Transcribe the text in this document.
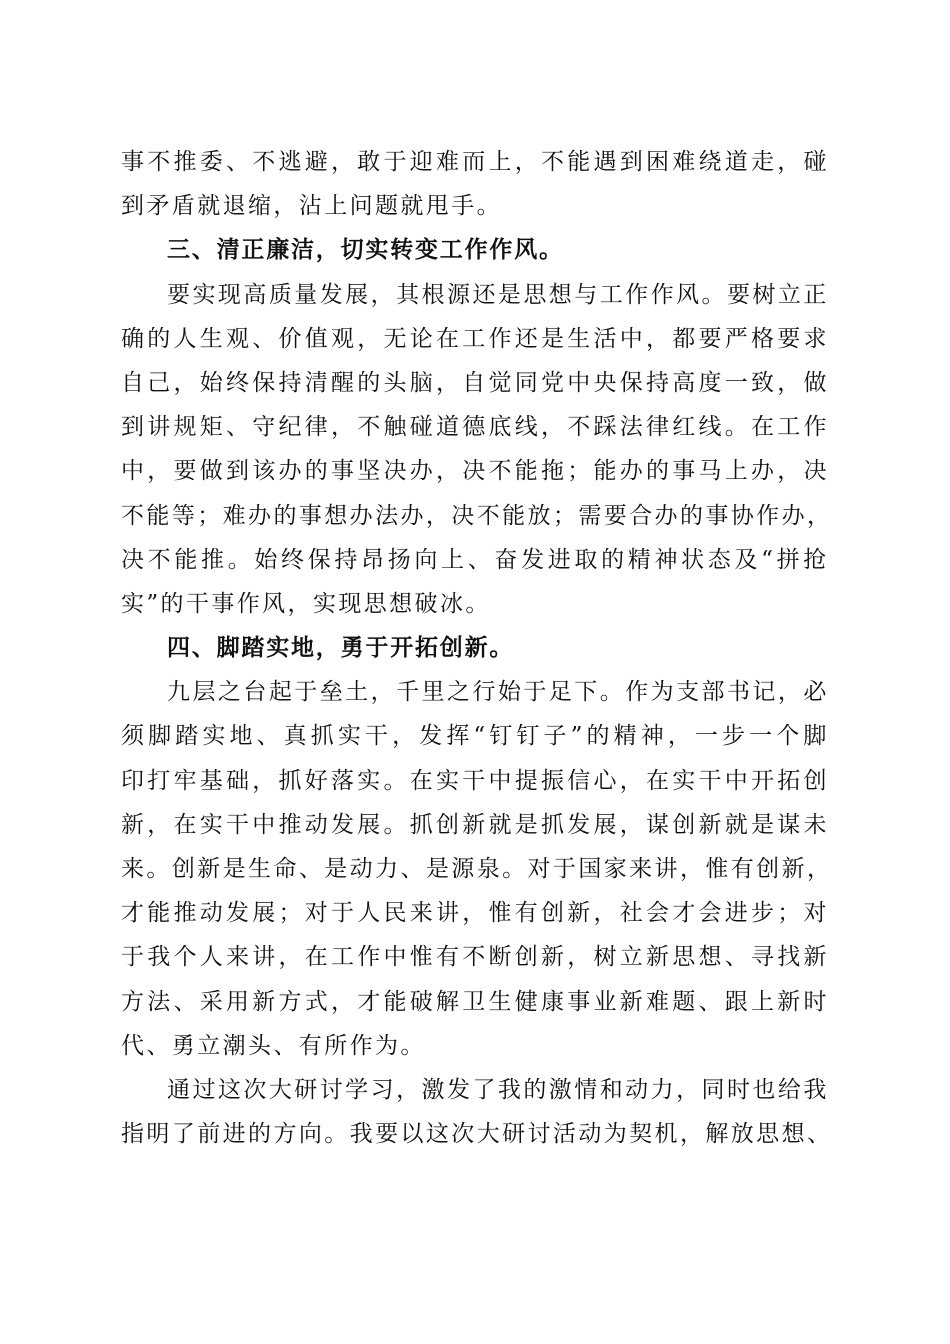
事 不 推 委 、 不 逃 避 ， 敢 于 迎 难 而 上 ， 不 能 遇 到 困 难 绕 道 走 ， 碰
到矛盾就退缩，沾上问题就甩手。
三、清正廉洁，切实转变工作作风。
要 实 现 高 质 量 发 展 ， 其 根 源 还 是 思 想 与 工 作 作 风 。 要 树 立 正
确 的 人 生 观 、 价 值 观 ， 无 论 在 工 作 还 是 生 活 中 ， 都 要 严 格 要 求
自 己 ， 始 终 保 持 清 醒 的 头 脑 ， 自 觉 同 党 中 央 保 持 高 度 一 致 ， 做
到 讲 规 矩 、 守 纪 律 ， 不 触 碰 道 德 底 线 ， 不 踩 法 律 红 线 。 在 工 作
中 ， 要 做 到 该 办 的 事 坚 决 办 ， 决 不 能 拖 ； 能 办 的 事 马 上 办 ， 决
不 能 等 ； 难 办 的 事 想 办 法 办 ， 决 不 能 放 ； 需 要 合 办 的 事 协 作 办 ，
决 不 能 推 。 始 终 保 持 昂 扬 向 上 、 奋 发 进 取 的 精 神 状 态 及 “ 拼 抢
实”的干事作风，实现思想破冰。
四、脚踏实地，勇于开拓创新。
九 层 之 台 起 于 垒 土 ， 千 里 之 行 始 于 足 下 。 作 为 支 部 书 记 ， 必
须 脚 踏 实 地 、 真 抓 实 干 ， 发 挥 “ 钉 钉 子 ” 的 精 神 ， 一 步 一 个 脚
印 打 牢 基 础 ， 抓 好 落 实 。 在 实 干 中 提 振 信 心 ， 在 实 干 中 开 拓 创
新 ， 在 实 干 中 推 动 发 展 。 抓 创 新 就 是 抓 发 展 ， 谋 创 新 就 是 谋 未
来 。 创 新 是 生 命 、 是 动 力 、 是 源 泉 。 对 于 国 家 来 讲 ， 惟 有 创 新 ，
才 能 推 动 发 展 ； 对 于 人 民 来 讲 ， 惟 有 创 新 ， 社 会 才 会 进 步 ； 对
于 我 个 人 来 讲 ， 在 工 作 中 惟 有 不 断 创 新 ， 树 立 新 思 想 、 寻 找 新
方 法 、 采 用 新 方 式 ， 才 能 破 解 卫 生 健 康 事 业 新 难 题 、 跟 上 新 时
代、勇立潮头、有所作为。
通 过 这 次 大 研 讨 学 习 ， 激 发 了 我 的 激 情 和 动 力 ， 同 时 也 给 我
指 明 了 前 进 的 方 向 。 我 要 以 这 次 大 研 讨 活 动 为 契 机 ， 解 放 思 想 、
